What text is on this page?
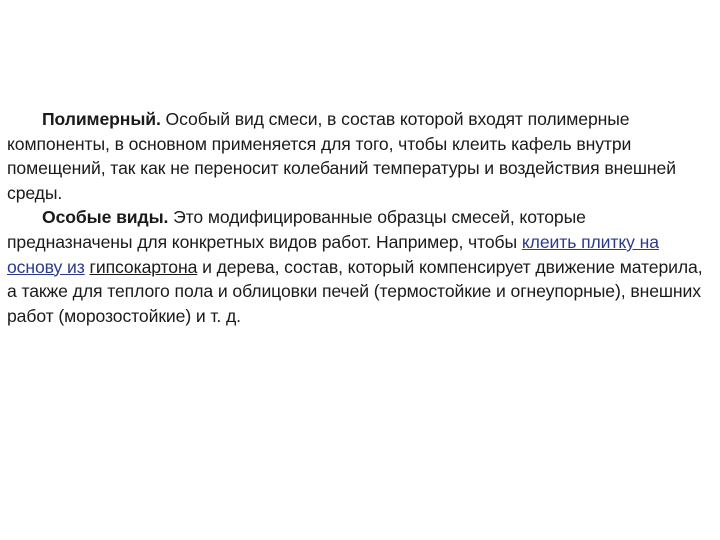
Полимерный. Особый вид смеси, в состав которой входят полимерные компоненты, в основном применяется для того, чтобы клеить кафель внутри помещений, так как не переносит колебаний температуры и воздействия внешней среды.

Особые виды. Это модифицированные образцы смесей, которые предназначены для конкретных видов работ. Например, чтобы клеить плитку на основу из гипсокартона и дерева, состав, который компенсирует движение материла, а также для теплого пола и облицовки печей (термостойкие и огнеупорные), внешних работ (морозостойкие) и т. д.
